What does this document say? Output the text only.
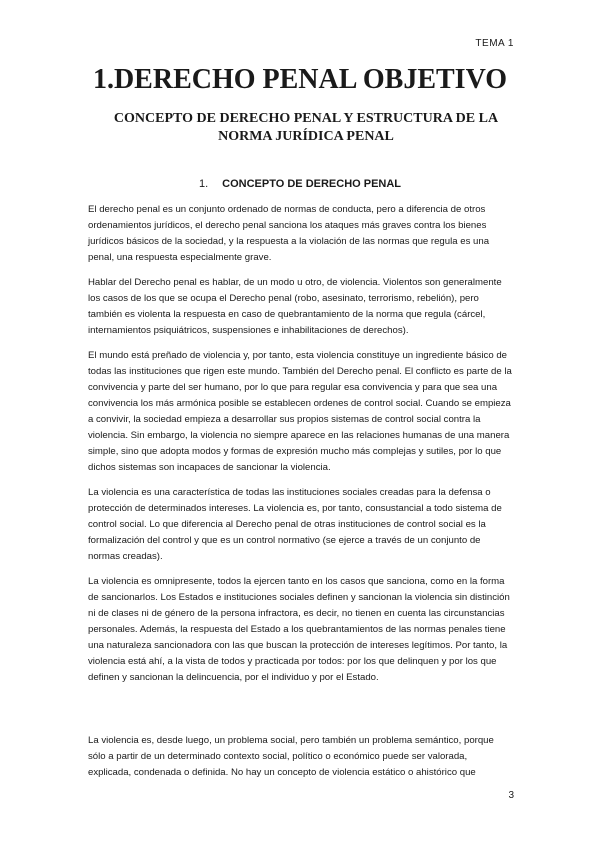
TEMA 1
1.DERECHO PENAL OBJETIVO
CONCEPTO DE DERECHO PENAL Y ESTRUCTURA DE LA NORMA JURÍDICA PENAL
1. CONCEPTO DE DERECHO PENAL

El derecho penal es un conjunto ordenado de normas de conducta, pero a diferencia de otros ordenamientos jurídicos, el derecho penal sanciona los ataques más graves contra los bienes jurídicos básicos de la sociedad, y la respuesta a la violación de las normas que regula es una penal, una respuesta especialmente grave.

Hablar del Derecho penal es hablar, de un modo u otro, de violencia. Violentos son generalmente los casos de los que se ocupa el Derecho penal (robo, asesinato, terrorismo, rebelión), pero también es violenta la respuesta en caso de quebrantamiento de la norma que regula (cárcel, internamientos psiquiátricos, suspensiones e inhabilitaciones de derechos).

El mundo está preñado de violencia y, por tanto, esta violencia constituye un ingrediente básico de todas las instituciones que rigen este mundo. También del Derecho penal. El conflicto es parte de la convivencia y parte del ser humano, por lo que para regular esa convivencia y para que sea una convivencia los más armónica posible se establecen ordenes de control social. Cuando se empieza a convivir, la sociedad empieza a desarrollar sus propios sistemas de control social contra la violencia. Sin embargo, la violencia no siempre aparece en las relaciones humanas de una manera simple, sino que adopta modos y formas de expresión mucho más complejas y sutiles, por lo que dichos sistemas son incapaces de sancionar la violencia.

La violencia es una característica de todas las instituciones sociales creadas para la defensa o protección de determinados intereses. La violencia es, por tanto, consustancial a todo sistema de control social. Lo que diferencia al Derecho penal de otras instituciones de control social es la formalización del control y que es un control normativo (se ejerce a través de un conjunto de normas creadas).

La violencia es omnipresente, todos la ejercen tanto en los casos que sanciona, como en la forma de sancionarlos. Los Estados e instituciones sociales definen y sancionan la violencia sin distinción ni de clases ni de género de la persona infractora, es decir, no tienen en cuenta las circunstancias personales. Además, la respuesta del Estado a los quebrantamientos de las normas penales tiene una naturaleza sancionadora con las que buscan la protección de intereses legítimos. Por tanto, la violencia está ahí, a la vista de todos y practicada por todos: por los que delinquen y por los que definen y sancionan la delincuencia, por el individuo y por el Estado.

La violencia es, desde luego, un problema social, pero también un problema semántico, porque sólo a partir de un determinado contexto social, político o económico puede ser valorada, explicada, condenada o definida. No hay un concepto de violencia estático o ahistórico que

3
